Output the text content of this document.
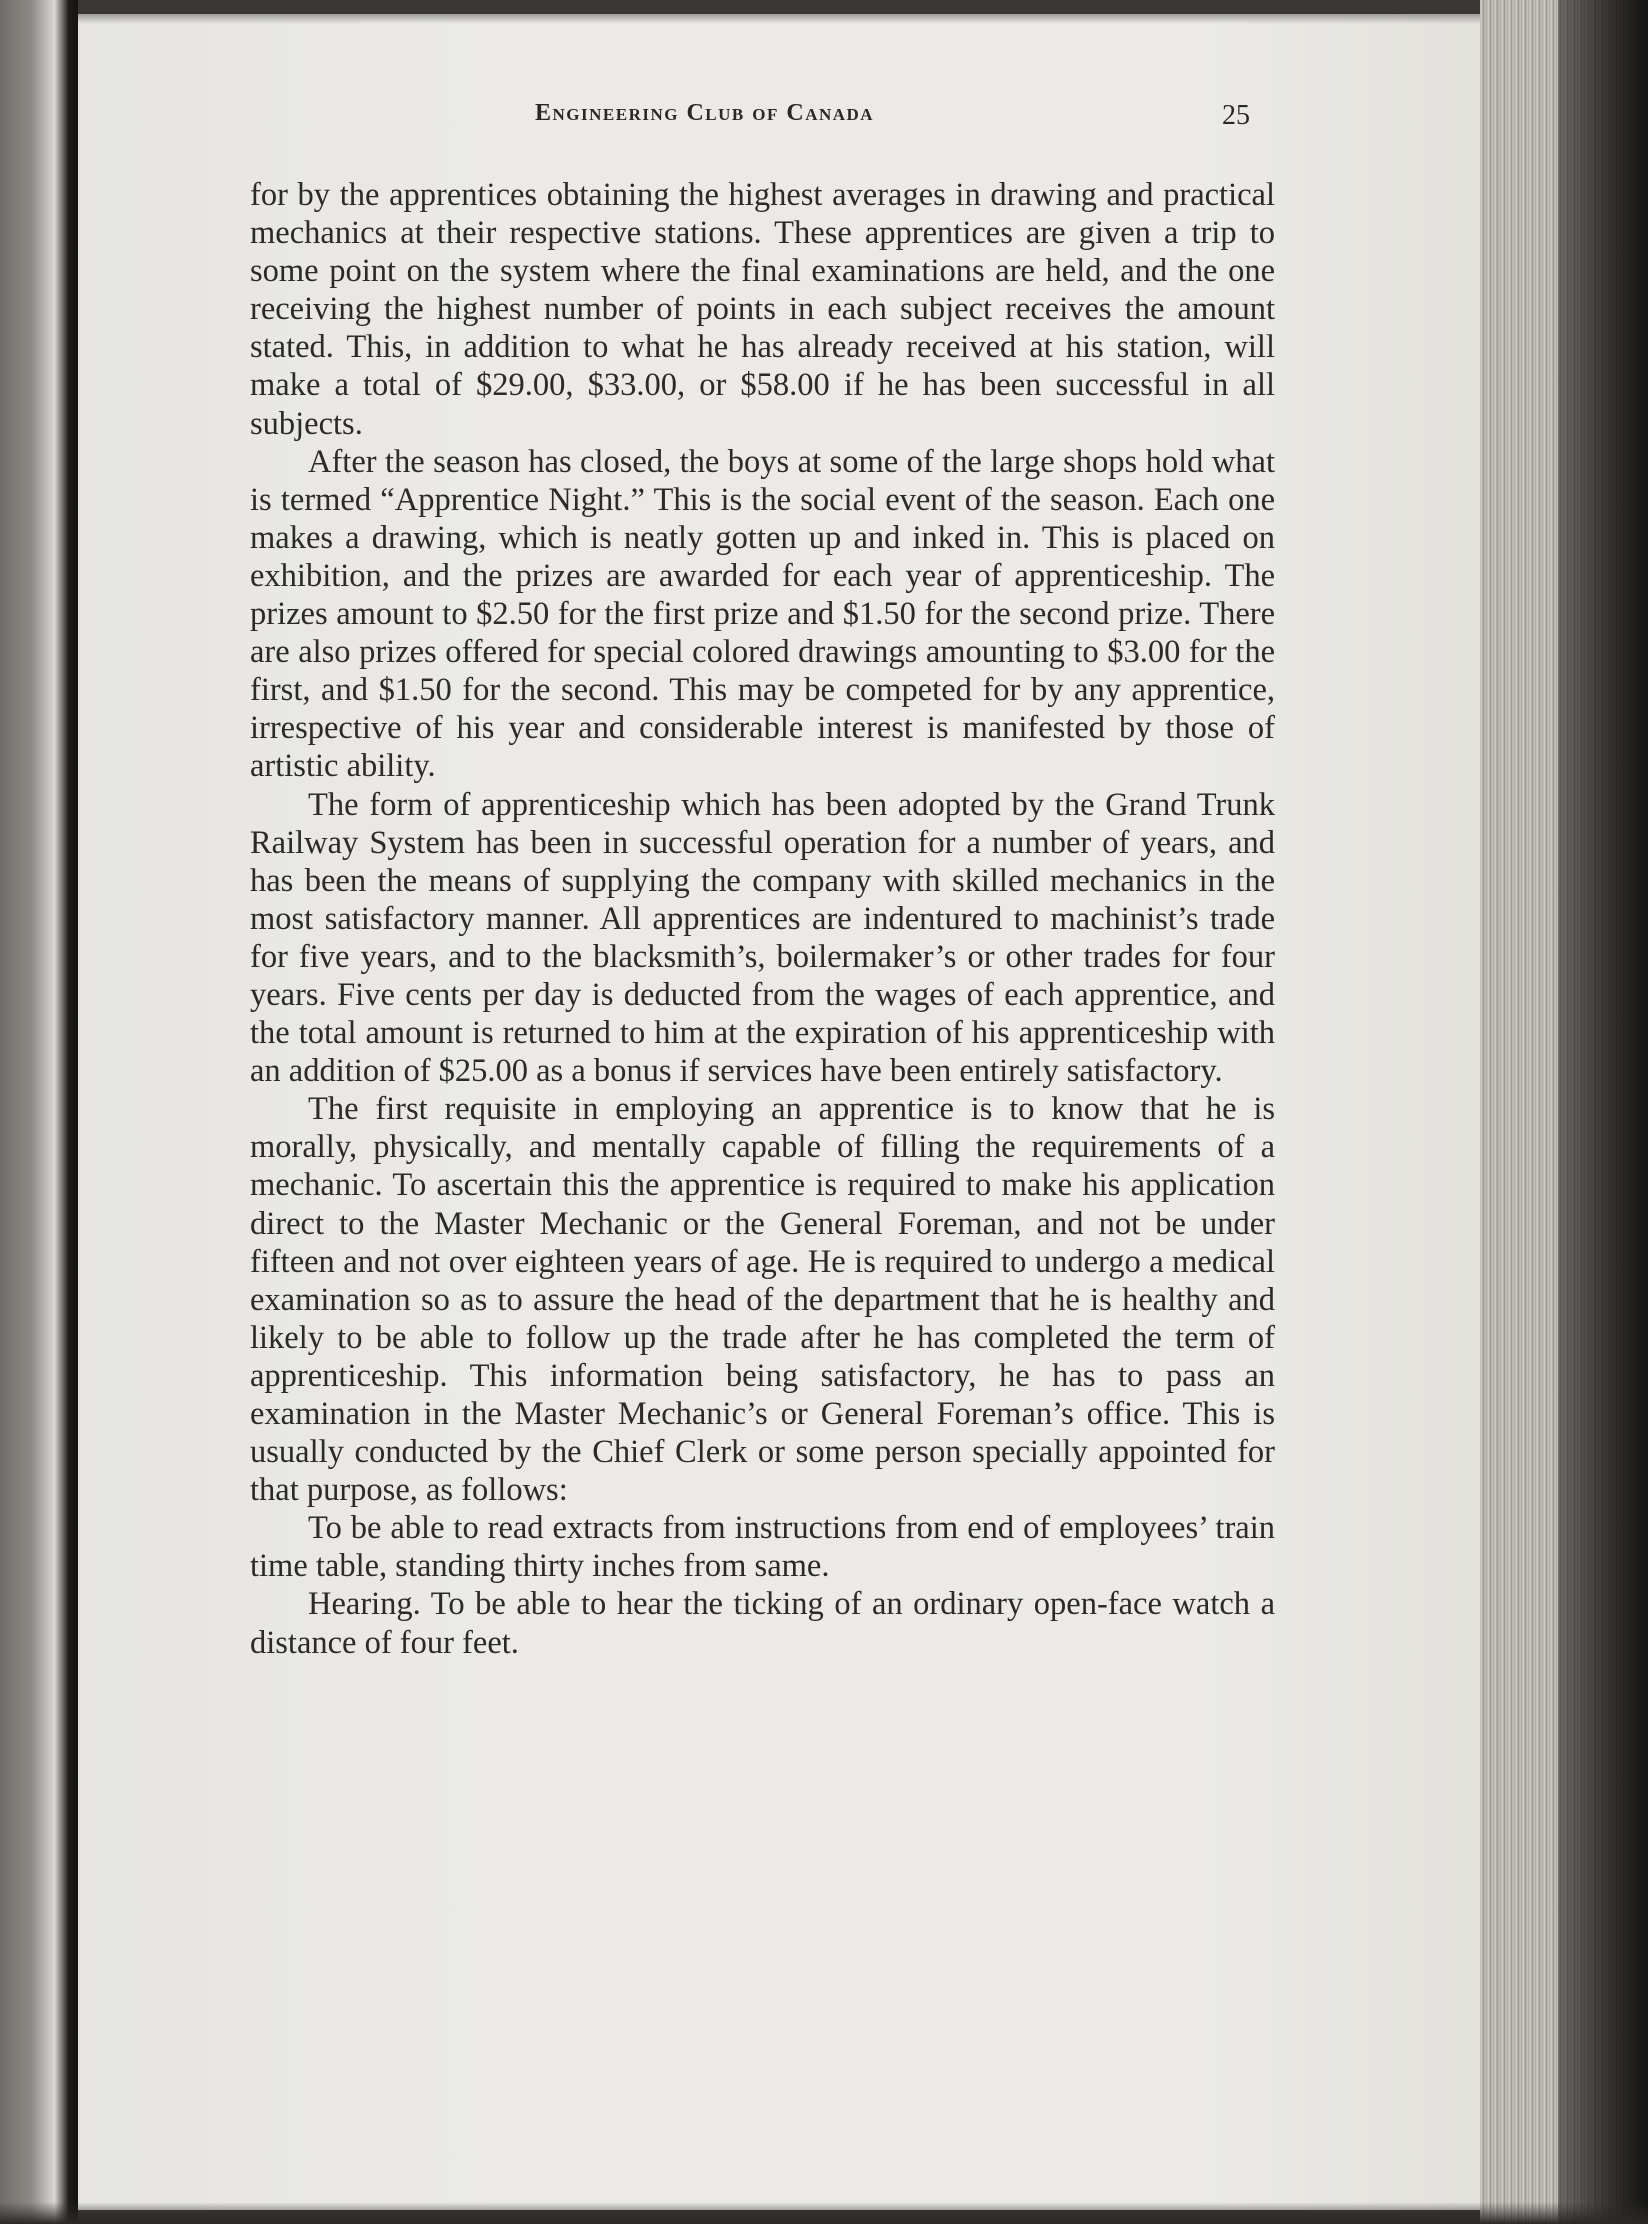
Engineering Club of Canada	25

for by the apprentices obtaining the highest averages in drawing and practical mechanics at their respective stations. These apprentices are given a trip to some point on the system where the final examinations are held, and the one receiving the highest number of points in each subject receives the amount stated. This, in addition to what he has already received at his station, will make a total of $29.00, $33.00, or $58.00 if he has been successful in all subjects.

After the season has closed, the boys at some of the large shops hold what is termed “Apprentice Night.” This is the social event of the season. Each one makes a drawing, which is neatly gotten up and inked in. This is placed on exhibition, and the prizes are awarded for each year of apprenticeship. The prizes amount to $2.50 for the first prize and $1.50 for the second prize. There are also prizes offered for special colored drawings amounting to $3.00 for the first, and $1.50 for the second. This may be competed for by any apprentice, irrespective of his year and considerable interest is manifested by those of artistic ability.

The form of apprenticeship which has been adopted by the Grand Trunk Railway System has been in successful operation for a number of years, and has been the means of supplying the company with skilled mechanics in the most satisfactory manner. All apprentices are indentured to machinist’s trade for five years, and to the blacksmith’s, boilermaker’s or other trades for four years. Five cents per day is deducted from the wages of each apprentice, and the total amount is returned to him at the expiration of his apprenticeship with an addition of $25.00 as a bonus if services have been entirely satisfactory.

The first requisite in employing an apprentice is to know that he is morally, physically, and mentally capable of filling the requirements of a mechanic. To ascertain this the apprentice is required to make his application direct to the Master Mechanic or the General Foreman, and not be under fifteen and not over eighteen years of age. He is required to undergo a medical examination so as to assure the head of the department that he is healthy and likely to be able to follow up the trade after he has completed the term of apprenticeship. This information being satisfactory, he has to pass an examination in the Master Mechanic’s or General Foreman’s office. This is usually conducted by the Chief Clerk or some person specially appointed for that purpose, as follows:

To be able to read extracts from instructions from end of employees’ train time table, standing thirty inches from same.

Hearing. To be able to hear the ticking of an ordinary open-face watch a distance of four feet.
